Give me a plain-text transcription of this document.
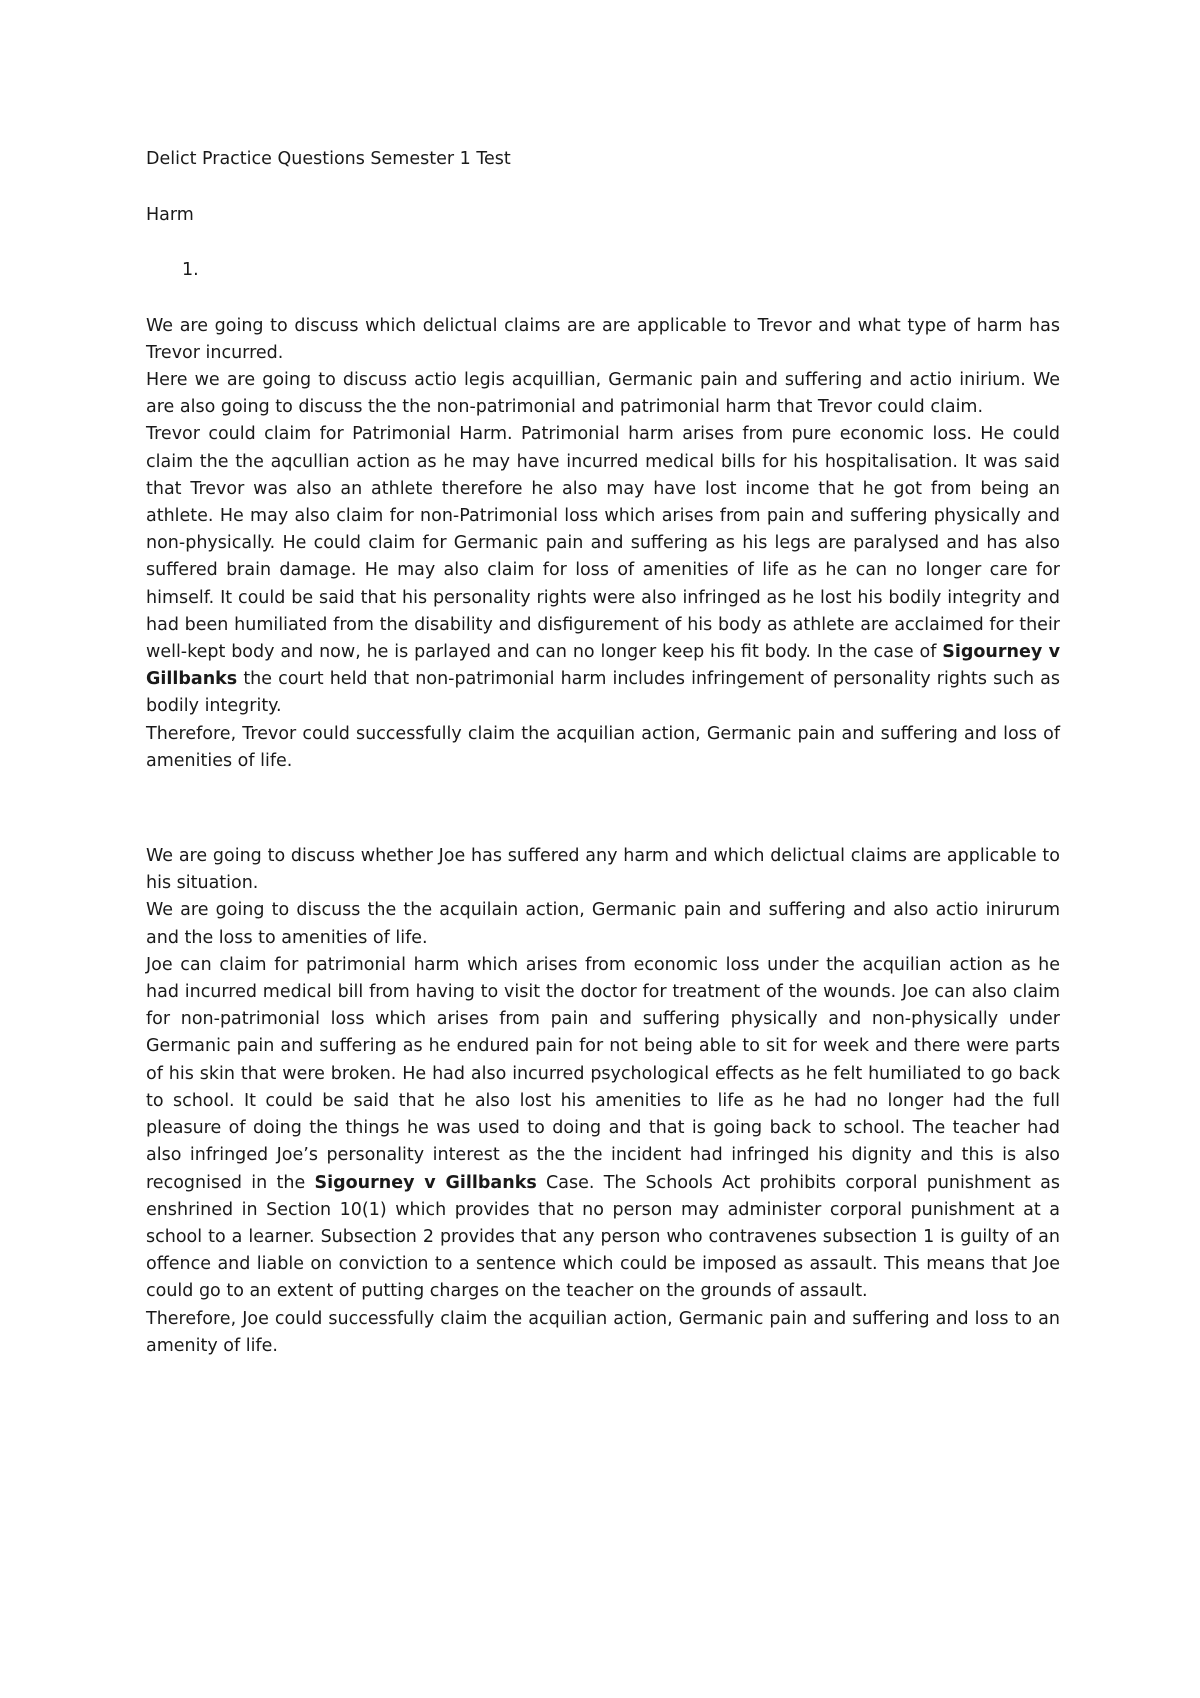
Delict Practice Questions Semester 1 Test

Harm

1.

We are going to discuss which delictual claims are are applicable to Trevor and what type of harm has Trevor incurred.

Here we are going to discuss actio legis acquillian, Germanic pain and suffering and actio inirium. We are also going to discuss the the non-patrimonial and patrimonial harm that Trevor could claim.

Trevor could claim for Patrimonial Harm. Patrimonial harm arises from pure economic loss. He could claim the the aqcullian action as he may have incurred medical bills for his hospitalisation. It was said that Trevor was also an athlete therefore he also may have lost income that he got from being an athlete. He may also claim for non-Patrimonial loss which arises from pain and suffering physically and non-physically. He could claim for Germanic pain and suffering as his legs are paralysed and has also suffered brain damage. He may also claim for loss of amenities of life as he can no longer care for himself. It could be said that his personality rights were also infringed as he lost his bodily integrity and had been humiliated from the disability and disfigurement of his body as athlete are acclaimed for their well-kept body and now, he is parlayed and can no longer keep his fit body. In the case of Sigourney v Gillbanks the court held that non-patrimonial harm includes infringement of personality rights such as bodily integrity.

Therefore, Trevor could successfully claim the acquilian action, Germanic pain and suffering and loss of amenities of life.

We are going to discuss whether Joe has suffered any harm and which delictual claims are applicable to his situation.

We are going to discuss the the acquilain action, Germanic pain and suffering and also actio inirurum and the loss to amenities of life.

Joe can claim for patrimonial harm which arises from economic loss under the acquilian action as he had incurred medical bill from having to visit the doctor for treatment of the wounds. Joe can also claim for non-patrimonial loss which arises from pain and suffering physically and non-physically under Germanic pain and suffering as he endured pain for not being able to sit for week and there were parts of his skin that were broken. He had also incurred psychological effects as he felt humiliated to go back to school. It could be said that he also lost his amenities to life as he had no longer had the full pleasure of doing the things he was used to doing and that is going back to school. The teacher had also infringed Joe’s personality interest as the the incident had infringed his dignity and this is also recognised in the Sigourney v Gillbanks Case. The Schools Act prohibits corporal punishment as enshrined in Section 10(1) which provides that no person may administer corporal punishment at a school to a learner. Subsection 2 provides that any person who contravenes subsection 1 is guilty of an offence and liable on conviction to a sentence which could be imposed as assault. This means that Joe could go to an extent of putting charges on the teacher on the grounds of assault.

Therefore, Joe could successfully claim the acquilian action, Germanic pain and suffering and loss to an amenity of life.
